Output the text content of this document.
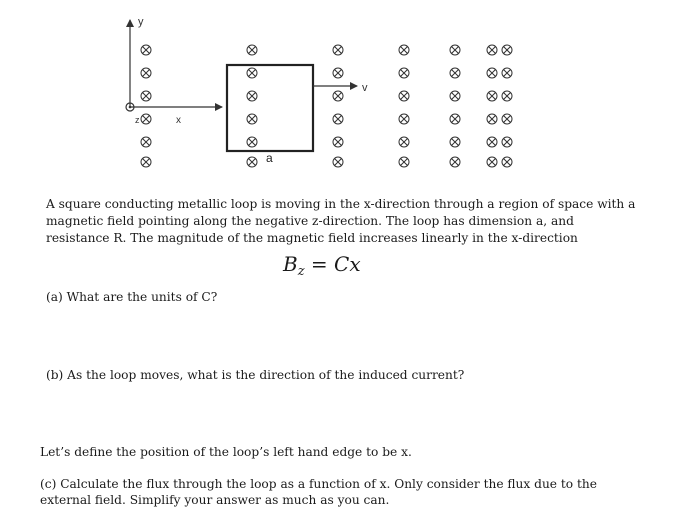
y
x
z
a
v

A square conducting metallic loop is moving in the x-direction through a region of space with a magnetic field pointing along the negative z-direction. The loop has dimension a, and resistance R. The magnitude of the magnetic field increases linearly in the x-direction

$B_z = Cx$

(a) What are the units of C?

(b) As the loop moves, what is the direction of the induced current?

Let’s define the position of the loop’s left hand edge to be x.

(c) Calculate the flux through the loop as a function of x. Only consider the flux due to the external field. Simplify your answer as much as you can.
